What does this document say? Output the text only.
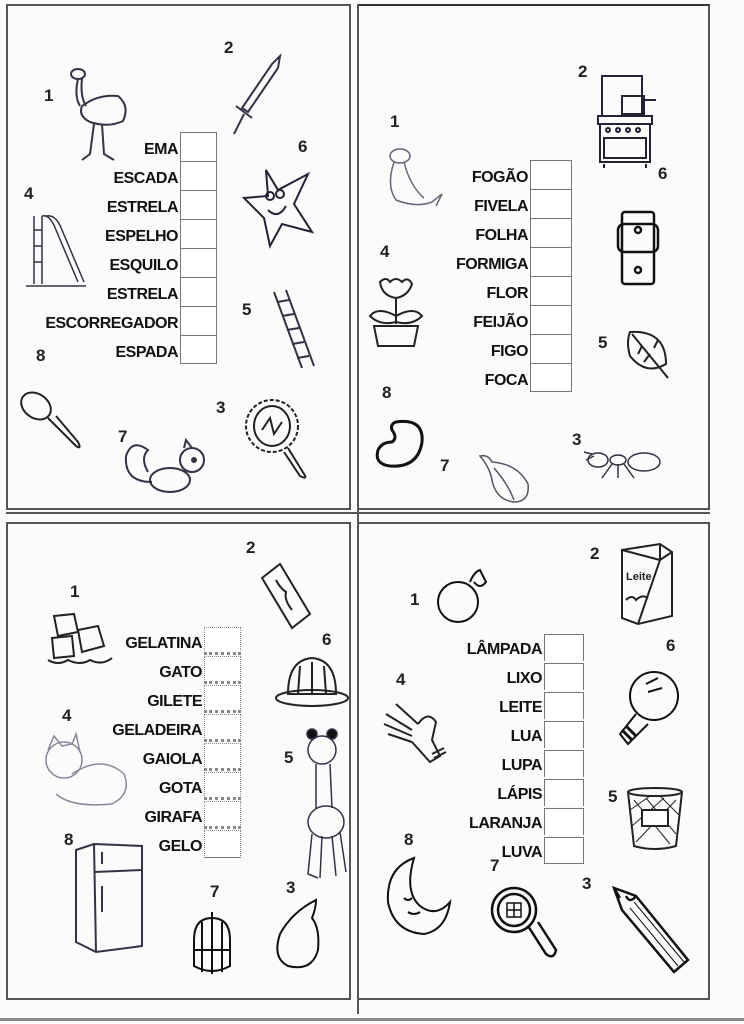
1
2
6
4
5
8
7
3
EMA
ESCADA
ESTRELA
ESPELHO
ESQUILO
ESTRELA
ESCORREGADOR
ESPADA
1
2
6
4
5
8
7
3
FOGÃO
FIVELA
FOLHA
FORMIGA
FLOR
FEIJÃO
FIGO
FOCA
1
2
6
4
5
8
7	3
GELATINA
GATO
GILETE
GELADEIRA
GAIOLA
GOTA
GIRAFA
GELO
1
2
Leite
6
4
5
8
7
3
LÂMPADA
LIXO
LEITE
LUA
LUPA
LÁPIS
LARANJA
LUVA
